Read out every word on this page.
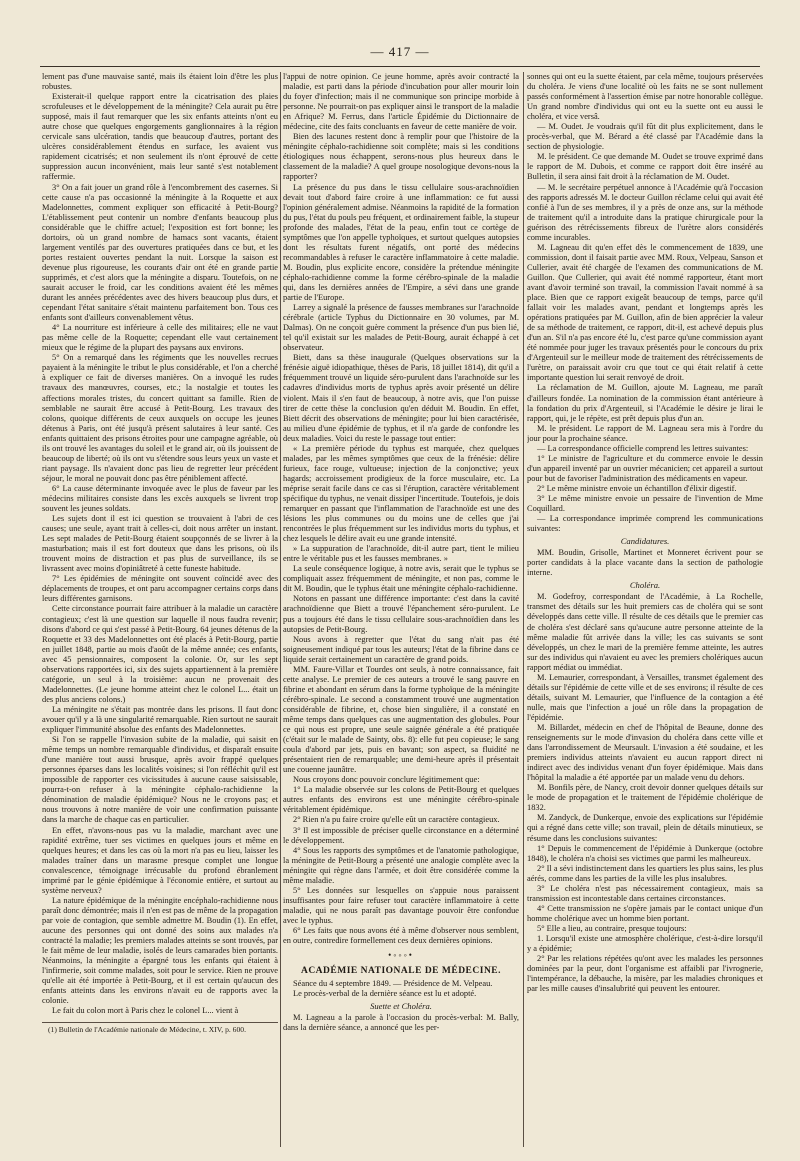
— 417 —

lement pas d'une mauvaise santé, mais ils étaient loin d'être les plus robustes.

Existerait-il quelque rapport entre la cicatrisation des plaies scrofuleuses et le développement de la méningite? Cela aurait pu être supposé, mais il faut remarquer que les six enfants atteints n'ont eu autre chose que quelques engorgements ganglionnaires à la région cervicale sans ulcération, tandis que beaucoup d'autres, portant des ulcères considérablement étendus en surface, les avaient vus rapidement cicatrisés; et non seulement ils n'ont éprouvé de cette suppression aucun inconvénient, mais leur santé s'est notablement raffermie.

3° On a fait jouer un grand rôle à l'encombrement des casernes. Si cette cause n'a pas occasionné la méningite à la Roquette et aux Madelonnettes, comment expliquer son efficacité à Petit-Bourg? L'établissement peut contenir un nombre d'enfants beaucoup plus considérable que le chiffre actuel; l'exposition est fort bonne; les dortoirs, où un grand nombre de hamacs sont vacants, étaient largement ventilés par des ouvertures pratiquées dans ce but, et les portes restaient ouvertes pendant la nuit. Lorsque la saison est devenue plus rigoureuse, les courants d'air ont été en grande partie supprimés, et c'est alors que la méningite a disparu. Toutefois, on ne saurait accuser le froid, car les conditions avaient été les mêmes durant les années précédentes avec des hivers beaucoup plus durs, et cependant l'état sanitaire s'était maintenu parfaitement bon. Tous ces enfants sont d'ailleurs convenablement vêtus.

4° La nourriture est inférieure à celle des militaires; elle ne vaut pas même celle de la Roquette; cependant elle vaut certainement mieux que le régime de la plupart des paysans aux environs.

5° On a remarqué dans les régiments que les nouvelles recrues payaient à la méningite le tribut le plus considérable, et l'on a cherché à expliquer ce fait de diverses manières. On a invoqué les rudes travaux des manœuvres, courses, etc.; la nostalgie et toutes les affections morales tristes, du concert quittant sa famille. Rien de semblable ne saurait être accusé à Petit-Bourg. Les travaux des colons, quoique différents de ceux auxquels on occupe les jeunes détenus à Paris, ont été jusqu'à présent salutaires à leur santé. Ces enfants quittaient des prisons étroites pour une campagne agréable, où ils ont trouvé les avantages du soleil et le grand air, où ils jouissent de beaucoup de liberté; où ils ont vu s'étendre sous leurs yeux un vaste et riant paysage. Ils n'avaient donc pas lieu de regretter leur précédent séjour, le moral ne pouvait donc pas être péniblement affecté.

6° La cause déterminante invoquée avec le plus de faveur par les médecins militaires consiste dans les excès auxquels se livrent trop souvent les jeunes soldats.

Les sujets dont il est ici question se trouvaient à l'abri de ces causes; une seule, ayant trait à celles-ci, doit nous arrêter un instant. Les sept malades de Petit-Bourg étaient soupçonnés de se livrer à la masturbation; mais il est fort douteux que dans les prisons, où ils trouvent moins de distraction et pas plus de surveillance, ils se livrassent avec moins d'opiniâtreté à cette funeste habitude.

7° Les épidémies de méningite ont souvent coïncidé avec des déplacements de troupes, et ont paru accompagner certains corps dans leurs différentes garnisons.

Cette circonstance pourrait faire attribuer à la maladie un caractère contagieux; c'est là une question sur laquelle il nous faudra revenir; disons d'abord ce qui s'est passé à Petit-Bourg. 64 jeunes détenus de la Roquette et 33 des Madelonnettes ont été placés à Petit-Bourg, partie en juillet 1848, partie au mois d'août de la même année; ces enfants, avec 45 pensionnaires, composent la colonie. Or, sur les sept observations rapportées ici, six des sujets appartiennent à la première catégorie, un seul à la troisième: aucun ne provenait des Madelonnettes. (Le jeune homme atteint chez le colonel L... était un des plus anciens colons.)

La méningite ne s'était pas montrée dans les prisons. Il faut donc avouer qu'il y a là une singularité remarquable. Rien surtout ne saurait expliquer l'immunité absolue des enfants des Madelonnettes.

Si l'on se rappelle l'invasion subite de la maladie, qui saisit en même temps un nombre remarquable d'individus, et disparaît ensuite d'une manière tout aussi brusque, après avoir frappé quelques personnes éparses dans les localités voisines; si l'on réfléchit qu'il est impossible de rapporter ces vicissitudes à aucune cause saisissable, pourra-t-on refuser à la méningite céphalo-rachidienne la dénomination de maladie épidémique? Nous ne le croyons pas; et nous trouvons à notre manière de voir une confirmation puissante dans la marche de chaque cas en particulier.

En effet, n'avons-nous pas vu la maladie, marchant avec une rapidité extrême, tuer ses victimes en quelques jours et même en quelques heures; et dans les cas où la mort n'a pas eu lieu, laisser les malades traîner dans un marasme presque complet une longue convalescence, témoignage irrécusable du profond ébranlement imprimé par le génie épidémique à l'économie entière, et surtout au système nerveux?

La nature épidémique de la méningite encéphalo-rachidienne nous paraît donc démontrée; mais il n'en est pas de même de la propagation par voie de contagion, que semble admettre M. Boudin (1). En effet, aucune des personnes qui ont donné des soins aux malades n'a contracté la maladie; les premiers malades atteints se sont trouvés, par le fait même de leur maladie, isolés de leurs camarades bien portants. Néanmoins, la méningite a épargné tous les enfants qui étaient à l'infirmerie, soit comme malades, soit pour le service. Rien ne prouve qu'elle ait été importée à Petit-Bourg, et il est certain qu'aucun des enfants atteints dans les environs n'avait eu de rapports avec la colonie.

Le fait du colon mort à Paris chez le colonel L... vient à

(1) Bulletin de l'Académie nationale de Médecine, t. XIV, p. 600.

l'appui de notre opinion. Ce jeune homme, après avoir contracté la maladie, est parti dans la période d'incubation pour aller mourir loin du foyer d'infection; mais il ne communique son principe morbide à personne. Ne pourrait-on pas expliquer ainsi le transport de la maladie en Afrique? M. Ferrus, dans l'article Épidémie du Dictionnaire de médecine, cite des faits concluants en faveur de cette manière de voir.

Bien des lacunes restent donc à remplir pour que l'histoire de la méningite céphalo-rachidienne soit complète; mais si les conditions étiologiques nous échappent, serons-nous plus heureux dans le classement de la maladie? A quel groupe nosologique devons-nous la rapporter?

La présence du pus dans le tissu cellulaire sous-arachnoïdien devait tout d'abord faire croire à une inflammation: ce fut aussi l'opinion généralement admise. Néanmoins la rapidité de la formation du pus, l'état du pouls peu fréquent, et ordinairement faible, la stupeur profonde des malades, l'état de la peau, enfin tout ce cortège de symptômes que l'on appelle typhoïques, et surtout quelques autopsies dont les résultats furent négatifs, ont porté des médecins recommandables à refuser le caractère inflammatoire à cette maladie. M. Boudin, plus explicite encore, considère la prétendue méningite céphalo-rachidienne comme la forme cérébro-spinale de la maladie qui, dans les dernières années de l'Empire, a sévi dans une grande partie de l'Europe.

Larrey a signalé la présence de fausses membranes sur l'arachnoïde cérébrale (article Typhus du Dictionnaire en 30 volumes, par M. Dalmas). On ne conçoit guère comment la présence d'un pus bien lié, tel qu'il existait sur les malades de Petit-Bourg, aurait échappé à cet observateur.

Biett, dans sa thèse inaugurale (Quelques observations sur la frénésie aiguë idiopathique, thèses de Paris, 18 juillet 1814), dit qu'il a fréquemment trouvé un liquide séro-purulent dans l'arachnoïde sur les cadavres d'individus morts de typhus après avoir présenté un délire violent. Mais il s'en faut de beaucoup, à notre avis, que l'on puisse tirer de cette thèse la conclusion qu'en déduit M. Boudin. En effet, Biett décrit des observations de méningite; pour lui bien caractérisée, au milieu d'une épidémie de typhus, et il n'a garde de confondre les deux maladies. Voici du reste le passage tout entier:

« La première période du typhus est marquée, chez quelques malades, par les mêmes symptômes que ceux de la frénésie: délire furieux, face rouge, vultueuse; injection de la conjonctive; yeux hagards; accroissement prodigieux de la force musculaire, etc. La méprise serait facile dans ce cas si l'éruption, caractère véritablement spécifique du typhus, ne venait dissiper l'incertitude. Toutefois, je dois remarquer en passant que l'inflammation de l'arachnoïde est une des lésions les plus communes ou du moins une de celles que j'ai rencontrées le plus fréquemment sur les individus morts du typhus, et chez lesquels le délire avait eu une grande intensité.

» La suppuration de l'arachnoïde, dit-il autre part, tient le milieu entre le véritable pus et les fausses membranes. »

La seule conséquence logique, à notre avis, serait que le typhus se compliquait assez fréquemment de méningite, et non pas, comme le dit M. Boudin, que le typhus était une méningite céphalo-rachidienne.

Notons en passant une différence importante: c'est dans la cavité arachnoïdienne que Biett a trouvé l'épanchement séro-purulent. Le pus a toujours été dans le tissu cellulaire sous-arachnoïdien dans les autopsies de Petit-Bourg.

Nous avons à regretter que l'état du sang n'ait pas été soigneusement indiqué par tous les auteurs; l'état de la fibrine dans ce liquide serait certainement un caractère de grand poids.

MM. Faure-Villar et Tourdes ont seuls, à notre connaissance, fait cette analyse. Le premier de ces auteurs a trouvé le sang pauvre en fibrine et abondant en sérum dans la forme typhoïque de la méningite cérébro-spinale. Le second a constamment trouvé une augmentation considérable de fibrine, et, chose bien singulière, il a constaté en même temps dans quelques cas une augmentation des globules. Pour ce qui nous est propre, une seule saignée générale a été pratiquée (c'était sur le malade de Sainty, obs. 8): elle fut peu copieuse; le sang coula d'abord par jets, puis en bavant; son aspect, sa fluidité ne présentaient rien de remarquable; une demi-heure après il présentait une couenne jaunâtre.

Nous croyons donc pouvoir conclure légitimement que:

1° La maladie observée sur les colons de Petit-Bourg et quelques autres enfants des environs est une méningite cérébro-spinale véritablement épidémique.

2° Rien n'a pu faire croire qu'elle eût un caractère contagieux.

3° Il est impossible de préciser quelle circonstance en a déterminé le développement.

4° Sous les rapports des symptômes et de l'anatomie pathologique, la méningite de Petit-Bourg a présenté une analogie complète avec la méningite qui règne dans l'armée, et doit être considérée comme la même maladie.

5° Les données sur lesquelles on s'appuie nous paraissent insuffisantes pour faire refuser tout caractère inflammatoire à cette maladie, qui ne nous paraît pas davantage pouvoir être confondue avec le typhus.

6° Les faits que nous avons été à même d'observer nous semblent, en outre, contredire formellement ces deux dernières opinions.

•◦◦◦•
ACADÉMIE NATIONALE DE MÉDECINE.

Séance du 4 septembre 1849. — Présidence de M. Velpeau.

Le procès-verbal de la dernière séance est lu et adopté.

Suette et Choléra.

M. Lagneau a la parole à l'occasion du procès-verbal: M. Bally, dans la dernière séance, a annoncé que les per-

sonnes qui ont eu la suette étaient, par cela même, toujours préservées du choléra. Je viens d'une localité où les faits ne se sont nullement passés conformément à l'assertion émise par notre honorable collègue. Un grand nombre d'individus qui ont eu la suette ont eu aussi le choléra, et vice versâ.

— M. Oudet. Je voudrais qu'il fût dit plus explicitement, dans le procès-verbal, que M. Bérard a été classé par l'Académie dans la section de physiologie.

M. le président. Ce que demande M. Oudet se trouve exprimé dans le rapport de M. Dubois, et comme ce rapport doit être inséré au Bulletin, il sera ainsi fait droit à la réclamation de M. Oudet.

— M. le secrétaire perpétuel annonce à l'Académie qu'à l'occasion des rapports adressés M. le docteur Guillon réclame celui qui avait été confié à l'un de ses membres, il y a près de onze ans, sur la méthode de traitement qu'il a introduite dans la pratique chirurgicale pour la guérison des rétrécissements fibreux de l'urètre alors considérés comme incurables.

M. Lagneau dit qu'en effet dès le commencement de 1839, une commission, dont il faisait partie avec MM. Roux, Velpeau, Sanson et Cullerier, avait été chargée de l'examen des communications de M. Guillon. Que Cullerier, qui avait été nommé rapporteur, étant mort avant d'avoir terminé son travail, la commission l'avait nommé à sa place. Bien que ce rapport exigeât beaucoup de temps, parce qu'il fallait voir les malades avant, pendant et longtemps après les opérations pratiquées par M. Guillon, afin de bien apprécier la valeur de sa méthode de traitement, ce rapport, dit-il, est achevé depuis plus d'un an. S'il n'a pas encore été lu, c'est parce qu'une commission ayant été nommée pour juger les travaux présentés pour le concours du prix d'Argenteuil sur le meilleur mode de traitement des rétrécissements de l'urètre, on paraissait avoir cru que tout ce qui était relatif à cette importante question lui serait renvoyé de droit.

La réclamation de M. Guillon, ajoute M. Lagneau, me paraît d'ailleurs fondée. La nomination de la commission étant antérieure à la fondation du prix d'Argenteuil, si l'Académie le désire je lirai le rapport, qui, je le répète, est prêt depuis plus d'un an.

M. le président. Le rapport de M. Lagneau sera mis à l'ordre du jour pour la prochaine séance.

— La correspondance officielle comprend les lettres suivantes:

1° Le ministre de l'agriculture et du commerce envoie le dessin d'un appareil inventé par un ouvrier mécanicien; cet appareil a surtout pour but de favoriser l'administration des médicaments en vapeur.

2° Le même ministre envoie un échantillon d'élixir digestif.

3° Le même ministre envoie un pessaire de l'invention de Mme Coquillard.

— La correspondance imprimée comprend les communications suivantes:

Candidatures.

MM. Boudin, Grisolle, Martinet et Monneret écrivent pour se porter candidats à la place vacante dans la section de pathologie interne.

Choléra.

M. Godefroy, correspondant de l'Académie, à La Rochelle, transmet des détails sur les huit premiers cas de choléra qui se sont développés dans cette ville. Il résulte de ces détails que le premier cas de choléra s'est déclaré sans qu'aucune autre personne atteinte de la même maladie fût arrivée dans la ville; les cas suivants se sont développés, un chez le mari de la première femme atteinte, les autres sur des individus qui n'avaient eu avec les premiers cholériques aucun rapport médiat ou immédiat.

M. Lemaurier, correspondant, à Versailles, transmet également des détails sur l'épidémie de cette ville et de ses environs; il résulte de ces détails, suivant M. Lemaurier, que l'influence de la contagion a été nulle, mais que l'infection a joué un rôle dans la propagation de l'épidémie.

M. Billardet, médecin en chef de l'hôpital de Beaune, donne des renseignements sur le mode d'invasion du choléra dans cette ville et dans l'arrondissement de Meursault. L'invasion a été soudaine, et les premiers individus atteints n'avaient eu aucun rapport direct ni indirect avec des individus venant d'un foyer épidémique. Mais dans l'hôpital la maladie a été apportée par un malade venu du dehors.

M. Bonfils père, de Nancy, croit devoir donner quelques détails sur le mode de propagation et le traitement de l'épidémie cholérique de 1832.

M. Zandyck, de Dunkerque, envoie des explications sur l'épidémie qui a régné dans cette ville; son travail, plein de détails minutieux, se résume dans les conclusions suivantes:

1° Depuis le commencement de l'épidémie à Dunkerque (octobre 1848), le choléra n'a choisi ses victimes que parmi les malheureux.

2° Il a sévi indistinctement dans les quartiers les plus sains, les plus aérés, comme dans les parties de la ville les plus insalubres.

3° Le choléra n'est pas nécessairement contagieux, mais sa transmission est incontestable dans certaines circonstances.

4° Cette transmission ne s'opère jamais par le contact unique d'un homme cholérique avec un homme bien portant.

5° Elle a lieu, au contraire, presque toujours:

1. Lorsqu'il existe une atmosphère cholérique, c'est-à-dire lorsqu'il y a épidémie;

2° Par les relations répétées qu'ont avec les malades les personnes dominées par la peur, dont l'organisme est affaibli par l'ivrognerie, l'intempérance, la débauche, la misère, par les maladies chroniques et par les mille causes d'insalubrité qui peuvent les entourer.
